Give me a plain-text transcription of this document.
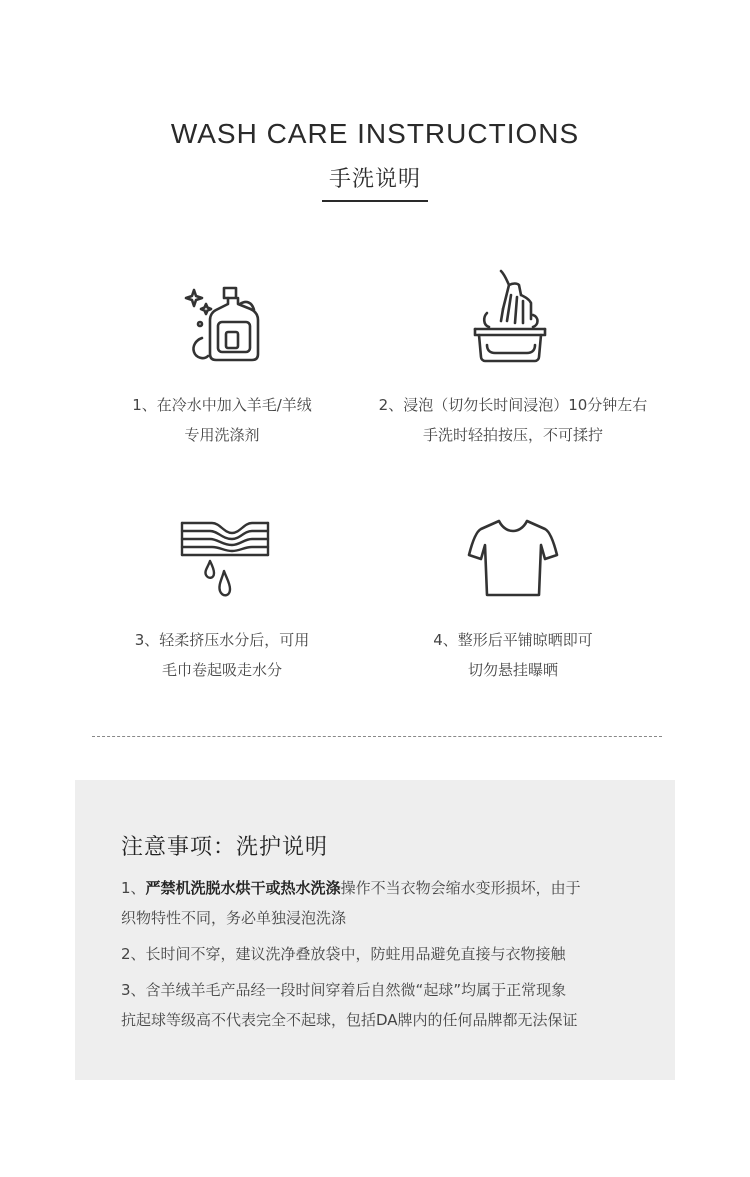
WASH CARE INSTRUCTIONS
手洗说明
1、在冷水中加入羊毛/羊绒
专用洗涤剂
2、浸泡（切勿长时间浸泡）10分钟左右
手洗时轻拍按压，不可揉拧
3、轻柔挤压水分后，可用
毛巾卷起吸走水分
4、整形后平铺晾晒即可
切勿悬挂曝晒
注意事项：洗护说明
1、严禁机洗脱水烘干或热水洗涤操作不当衣物会缩水变形损坏，由于
织物特性不同，务必单独浸泡洗涤
2、长时间不穿，建议洗净叠放袋中，防蛀用品避免直接与衣物接触
3、含羊绒羊毛产品经一段时间穿着后自然微“起球”均属于正常现象
抗起球等级高不代表完全不起球，包括DA牌内的任何品牌都无法保证
